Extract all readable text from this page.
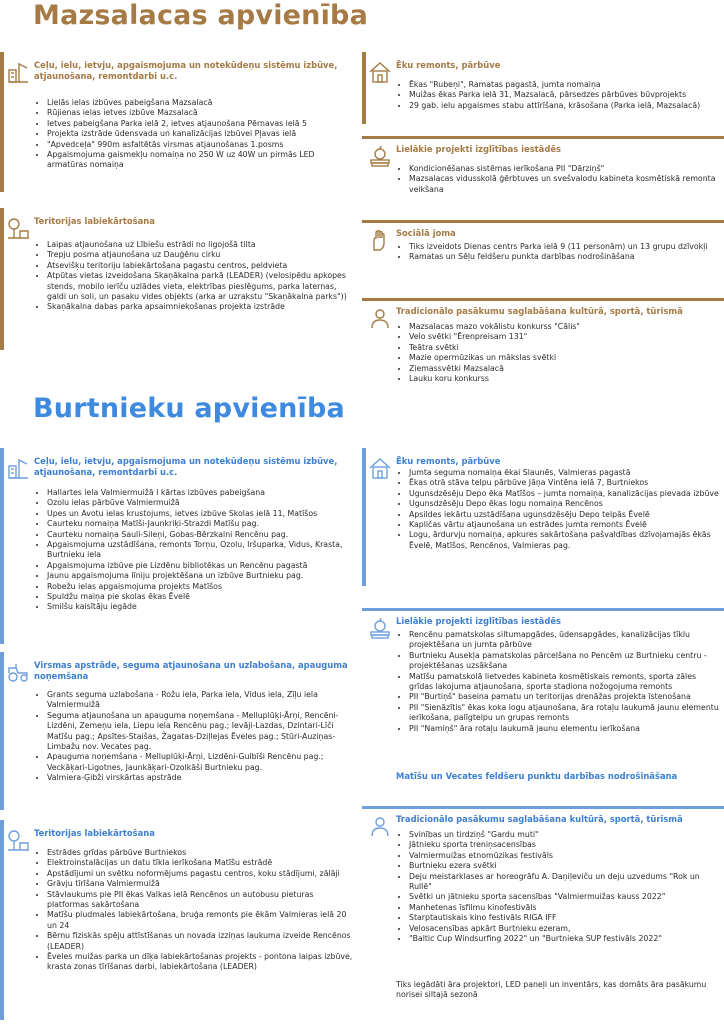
Mazsalacas apvienība
Ceļu, ielu, ietvju, apgaismojuma un notekūdeņu sistēmu izbūve, atjaunošana, remontdarbi u.c.
• Lielās ielas izbūves pabeigšana Mazsalacā
• Rūjienas ielas ietves izbūve Mazsalacā
• Ietves pabeigšana Parka ielā 2, ietves atjaunošana Pērnavas ielā 5
• Projekta izstrāde ūdensvada un kanalizācijas izbūvei Pļavas ielā
• "Apvedceļa" 990m asfaltētās virsmas atjaunošanas 1.posms
• Apgaismojuma gaismekļu nomaiņa no 250 W uz 40W un pirmās LED armatūras nomaiņa
Teritorijas labiekārtošana
• Laipas atjaunošana uz Lībiešu estrādi no ligojošā tilta
• Trepju posma atjaunošana uz Dauģēnu cirku
• Atsevišķu teritoriju labiekārtošana pagastu centros, peldvieta
• Atpūtas vietas izveidošana Skaņākalna parkā (LEADER) (velosipēdu apkopes stends, mobilo ierīču uzlādes vieta, elektrības pieslēgums, parka laternas, galdi un soli, un pasaku vides objekts (arka ar uzrakstu "Skaņākalna parks"))
• Skaņākalna dabas parka apsaimniekošanas projekta izstrāde
Ēku remonts, pārbūve
• Ēkas "Rubeņi", Ramatas pagastā, jumta nomaiņa
• Muižas ēkas Parka ielā 31, Mazsalacā, pārsedzes pārbūves būvprojekts
• 29 gab. ielu apgaismes stabu attīrīšana, krāsošana (Parka ielā, Mazsalacā)
Lielākie projekti izglītības iestādēs
• Kondicionēšanas sistēmas ierīkošana PII "Dārziņš"
• Mazsalacas vidusskolā ģērbtuves un svešvalodu kabineta kosmētiskā remonta veikšana
Sociālā joma
• Tiks izveidots Dienas centrs Parka ielā 9 (11 personām) un 13 grupu dzīvokļi
• Ramatas un Sēļu feldšeru punkta darbības nodrošināšana
Tradicionālo pasākumu saglabāšana kultūrā, sportā, tūrismā
• Mazsalacas mazo vokālistu konkurss "Cālis"
• Velo svētki "Ērenpreisam 131"
• Teātra svētki
• Mazie opermūzikas un mākslas svētki
• Ziemassvētki Mazsalacā
• Lauku koru konkurss
Burtnieku apvienība
Ceļu, ielu, ietvju, apgaismojuma un notekūdeņu sistēmu izbūve, atjaunošana, remontdarbi u.c.
• Hallartes iela Valmiermuižā I kārtas izbūves pabeigšana
• Ozolu ielas pārbūve Valmiermuižā
• Upes un Avotu ielas krustojums, ietves izbūve Skolas ielā 11, Matīšos
• Caurteku nomaiņa Matīši-Jaunkriķi-Strazdi Matīšu pag.
• Caurteku nomaiņa Sauli-Sileņi, Gobas-Bērzkalni Rencēnu pag.
• Apgaismojuma uzstādīšana, remonts Torņu, Ozolu, Iršuparka, Vidus, Krasta, Burtnieku iela
• Apgaismojuma izbūve pie Lizdēnu bibliotēkas un Rencēnu pagastā
• Jaunu apgaismojuma līniju projektēšana un izbūve Burtnieku pag.
• Robežu ielas apgaismojuma projekts Matīšos
• Spuldžu maiņa pie skolas ēkas Ēvelē
• Smilšu kaisītāju iegāde
Virsmas apstrāde, seguma atjaunošana un uzlabošana, apauguma noņemšana
• Grants seguma uzlabošana - Rožu iela, Parka iela, Vidus iela, Zīļu iela Valmiermuižā
• Seguma atjaunošana un apauguma noņemšana - Melluplūķi-Ārņi, Rencēni-Lizdēni, Zemeņu iela, Liepu iela Rencēnu pag.; Ievāji-Lazdas, Dzintari-Līči Matīšu pag.; Apsītes-Staišas, Žagatas-Dziļlejas Ēveles pag.; Stūri-Auziņas-Limbažu nov. Vecates pag.
• Apauguma noņemšana - Melluplūķi-Ārņi, Lizdēni-Gulbīši Rencēnu pag.; Veckāķari-Ligotnes, Jaunkāķari-Ozolkāši Burtnieku pag.
• Valmiera-Ģibži virskārtas apstrāde
Teritorijas labiekārtošana
• Estrādes grīdas pārbūve Burtniekos
• Elektroinstalācijas un datu tīkla ierīkošana Matīšu estrādē
• Apstādījumi un svētku noformējums pagastu centros, koku stādījumi, zālāji
• Grāvju tīrīšana Valmiermuižā
• Stāvlaukums pie PII ēkas Valkas ielā Rencēnos un autobusu pieturas platformas sakārtošana
• Matīšu pludmales labiekārtošana, bruģa remonts pie ēkām Valmieras ielā 20 un 24
• Bērnu fiziskās spēju attīstīšanas un novada izziņas laukuma izveide Rencēnos (LEADER)
• Ēveles muižas parka un dīķa labiekārtošanas projekts - pontona laipas izbūve, krasta zonas tīrīšanas darbi, labiekārtošana (LEADER)
Ēku remonts, pārbūve
• Jumta seguma nomaiņa ēkai Slaunēs, Valmieras pagastā
• Ēkas otrā stāva telpu pārbūve Jāņa Vintēna ielā 7, Burtniekos
• Ugunsdzēsēju Depo ēka Matīšos – jumta nomaiņa, kanalizācijas pievada izbūve
• Ugunsdzēsēju Depo ēkas logu nomaiņa Rencēnos
• Apsildes iekārtu uzstādīšana ugunsdzēsēju Depo telpās Ēvelē
• Kapličas vārtu atjaunošana un estrādes jumta remonts Ēvelē
• Logu, ārdurvju nomaiņa, apkures sakārtošana pašvaldības dzīvojamajās ēkās Ēvelē, Matīšos, Rencēnos, Valmieras pag.
Lielākie projekti izglītības iestādēs
• Rencēnu pamatskolas siltumapgādes, ūdensapgādes, kanalizācijas tīklu projektēšana un jumta pārbūve
• Burtnieku Ausekļa pamatskolas pārcelšana no Pencēm uz Burtnieku centru - projektēšanas uzsākšana
• Matīšu pamatskolā lietvedes kabineta kosmētiskais remonts, sporta zāles grīdas lakojuma atjaunošana, sporta stadiona nožogojuma remonts
• PII "Burtiņš" baseina pamatu un teritorijas drenāžas projekta īstenošana
• PII "Sienāzītis" ēkas koka logu atjaunošana, āra rotaļu laukumā jaunu elementu ierīkošana, palīgtelpu un grupas remonts
• PII "Namiņš" āra rotaļu laukumā jaunu elementu ierīkošana
Matīšu un Vecates feldšeru punktu darbības nodrošināšana
Tradicionālo pasākumu saglabāšana kultūrā, sportā, tūrismā
• Svinības un tirdziņš "Gardu muti"
• Jātnieku sporta treniņsacensības
• Valmiermuižas etnomūzikas festivāls
• Burtnieku ezera svētki
• Deju meistarklases ar horeogrāfu A. Daņiļeviču un deju uzvedums "Rok un Rullē"
• Svētki un jātnieku sporta sacensības "Valmiermuižas kauss 2022"
• Manhetenas īsfilmu kinofestivāls
• Starptautiskais kino festivāls RIGA IFF
• Velosacensības apkārt Burtnieku ezeram,
• "Baltic Cup Windsurfing 2022" un "Burtnieka SUP festivāls 2022"
Tiks iegādāti āra projektori, LED paneļi un inventārs, kas domāts āra pasākumu norisei siltajā sezonā
